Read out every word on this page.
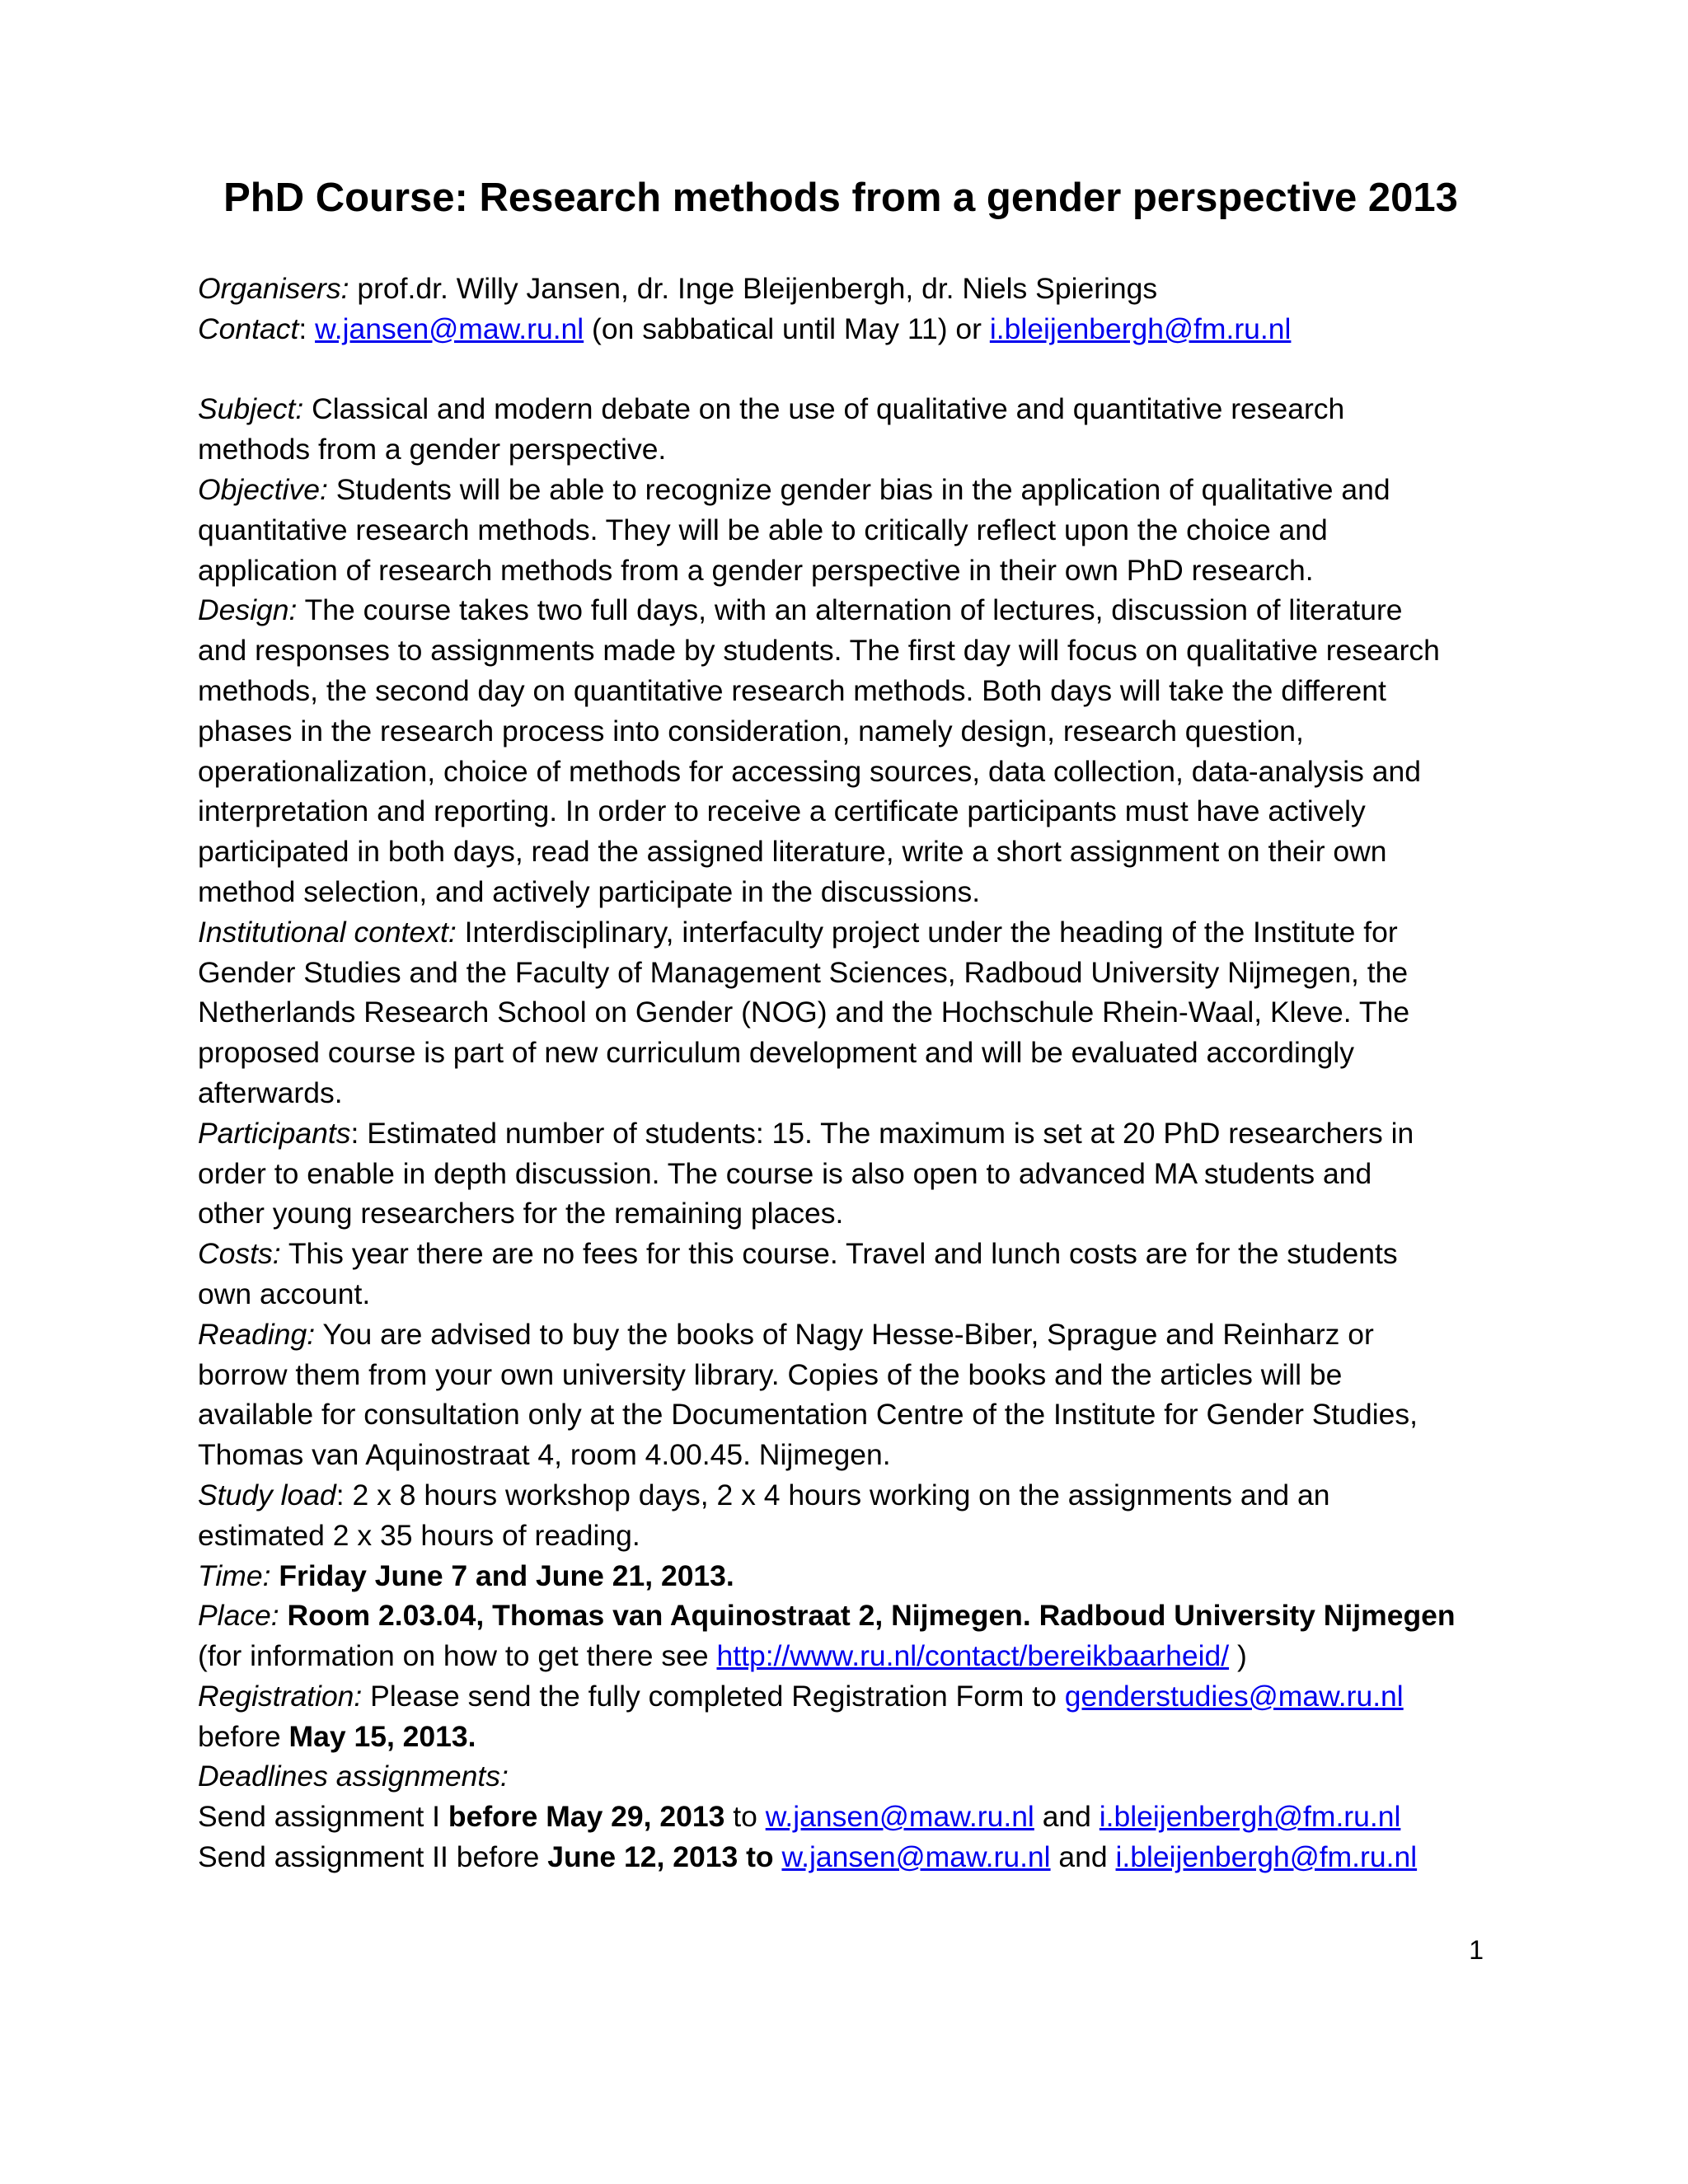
PhD Course: Research methods from a gender perspective 2013
Organisers: prof.dr. Willy Jansen, dr. Inge Bleijenbergh, dr. Niels Spierings
Contact: w.jansen@maw.ru.nl (on sabbatical until May 11) or i.bleijenbergh@fm.ru.nl
Subject: Classical and modern debate on the use of qualitative and quantitative research
methods from a gender perspective.
Objective: Students will be able to recognize gender bias in the application of qualitative and
quantitative research methods. They will be able to critically reflect upon the choice and
application of research methods from a gender perspective in their own PhD research.
Design: The course takes two full days, with an alternation of lectures, discussion of literature
and responses to assignments made by students. The first day will focus on qualitative research
methods, the second day on quantitative research methods. Both days will take the different
phases in the research process into consideration, namely design, research question,
operationalization, choice of methods for accessing sources, data collection, data-analysis and
interpretation and reporting. In order to receive a certificate participants must have actively
participated in both days, read the assigned literature, write a short assignment on their own
method selection, and actively participate in the discussions.
Institutional context: Interdisciplinary, interfaculty project under the heading of the Institute for
Gender Studies and the Faculty of Management Sciences, Radboud University Nijmegen, the
Netherlands Research School on Gender (NOG) and the Hochschule Rhein-Waal, Kleve. The
proposed course is part of new curriculum development and will be evaluated accordingly
afterwards.
Participants: Estimated number of students: 15. The maximum is set at 20 PhD researchers in
order to enable in depth discussion. The course is also open to advanced MA students and
other young researchers for the remaining places.
Costs: This year there are no fees for this course. Travel and lunch costs are for the students
own account.
Reading: You are advised to buy the books of Nagy Hesse-Biber, Sprague and Reinharz or
borrow them from your own university library. Copies of the books and the articles will be
available for consultation only at the Documentation Centre of the Institute for Gender Studies,
Thomas van Aquinostraat 4, room 4.00.45. Nijmegen.
Study load: 2 x 8 hours workshop days, 2 x 4 hours working on the assignments and an
estimated 2 x 35 hours of reading.
Time: Friday June 7 and June 21, 2013.
Place: Room 2.03.04, Thomas van Aquinostraat 2, Nijmegen. Radboud University Nijmegen
(for information on how to get there see http://www.ru.nl/contact/bereikbaarheid/ )
Registration: Please send the fully completed Registration Form to genderstudies@maw.ru.nl
before May 15, 2013.
Deadlines assignments:
Send assignment I before May 29, 2013 to w.jansen@maw.ru.nl and i.bleijenbergh@fm.ru.nl
Send assignment II before June 12, 2013 to w.jansen@maw.ru.nl and i.bleijenbergh@fm.ru.nl
1
